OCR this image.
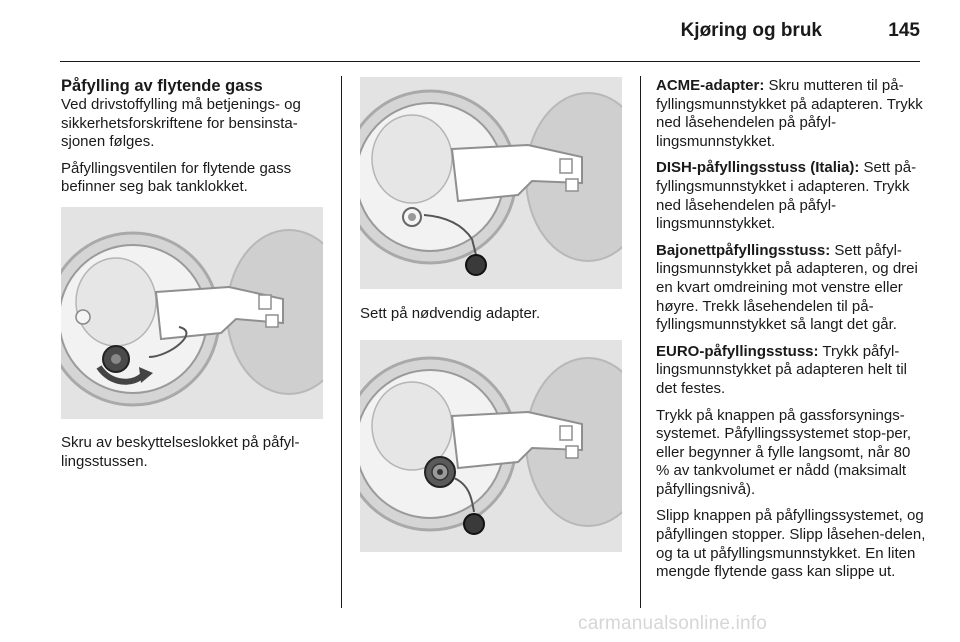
Kjøring og bruk	145
Påfylling av flytende gass
Ved drivstoffylling må betjenings- og sikkerhetsforskriftene for bensinsta-sjonen følges.
Påfyllingsventilen for flytende gass befinner seg bak tanklokket.
Skru av beskyttelseslokket på påfyl-lingsstussen.
Sett på nødvendig adapter.
ACME-adapter: Skru mutteren til på-fyllingsmunnstykket på adapteren. Trykk ned låsehendelen på påfyl-lingsmunnstykket.
DISH-påfyllingsstuss (Italia): Sett på-fyllingsmunnstykket i adapteren. Trykk ned låsehendelen på påfyl-lingsmunnstykket.
Bajonettpåfyllingsstuss: Sett påfyl-lingsmunnstykket på adapteren, og drei en kvart omdreining mot venstre eller høyre. Trekk låsehendelen til på-fyllingsmunnstykket så langt det går.
EURO-påfyllingsstuss: Trykk påfyl-lingsmunnstykket på adapteren helt til det festes.
Trykk på knappen på gassforsynings-systemet. Påfyllingssystemet stop-per, eller begynner å fylle langsomt, når 80 % av tankvolumet er nådd (maksimalt påfyllingsnivå).
Slipp knappen på påfyllingssystemet, og påfyllingen stopper. Slipp låsehen-delen, og ta ut påfyllingsmunnstykket. En liten mengde flytende gass kan slippe ut.
carmanualsonline.info
